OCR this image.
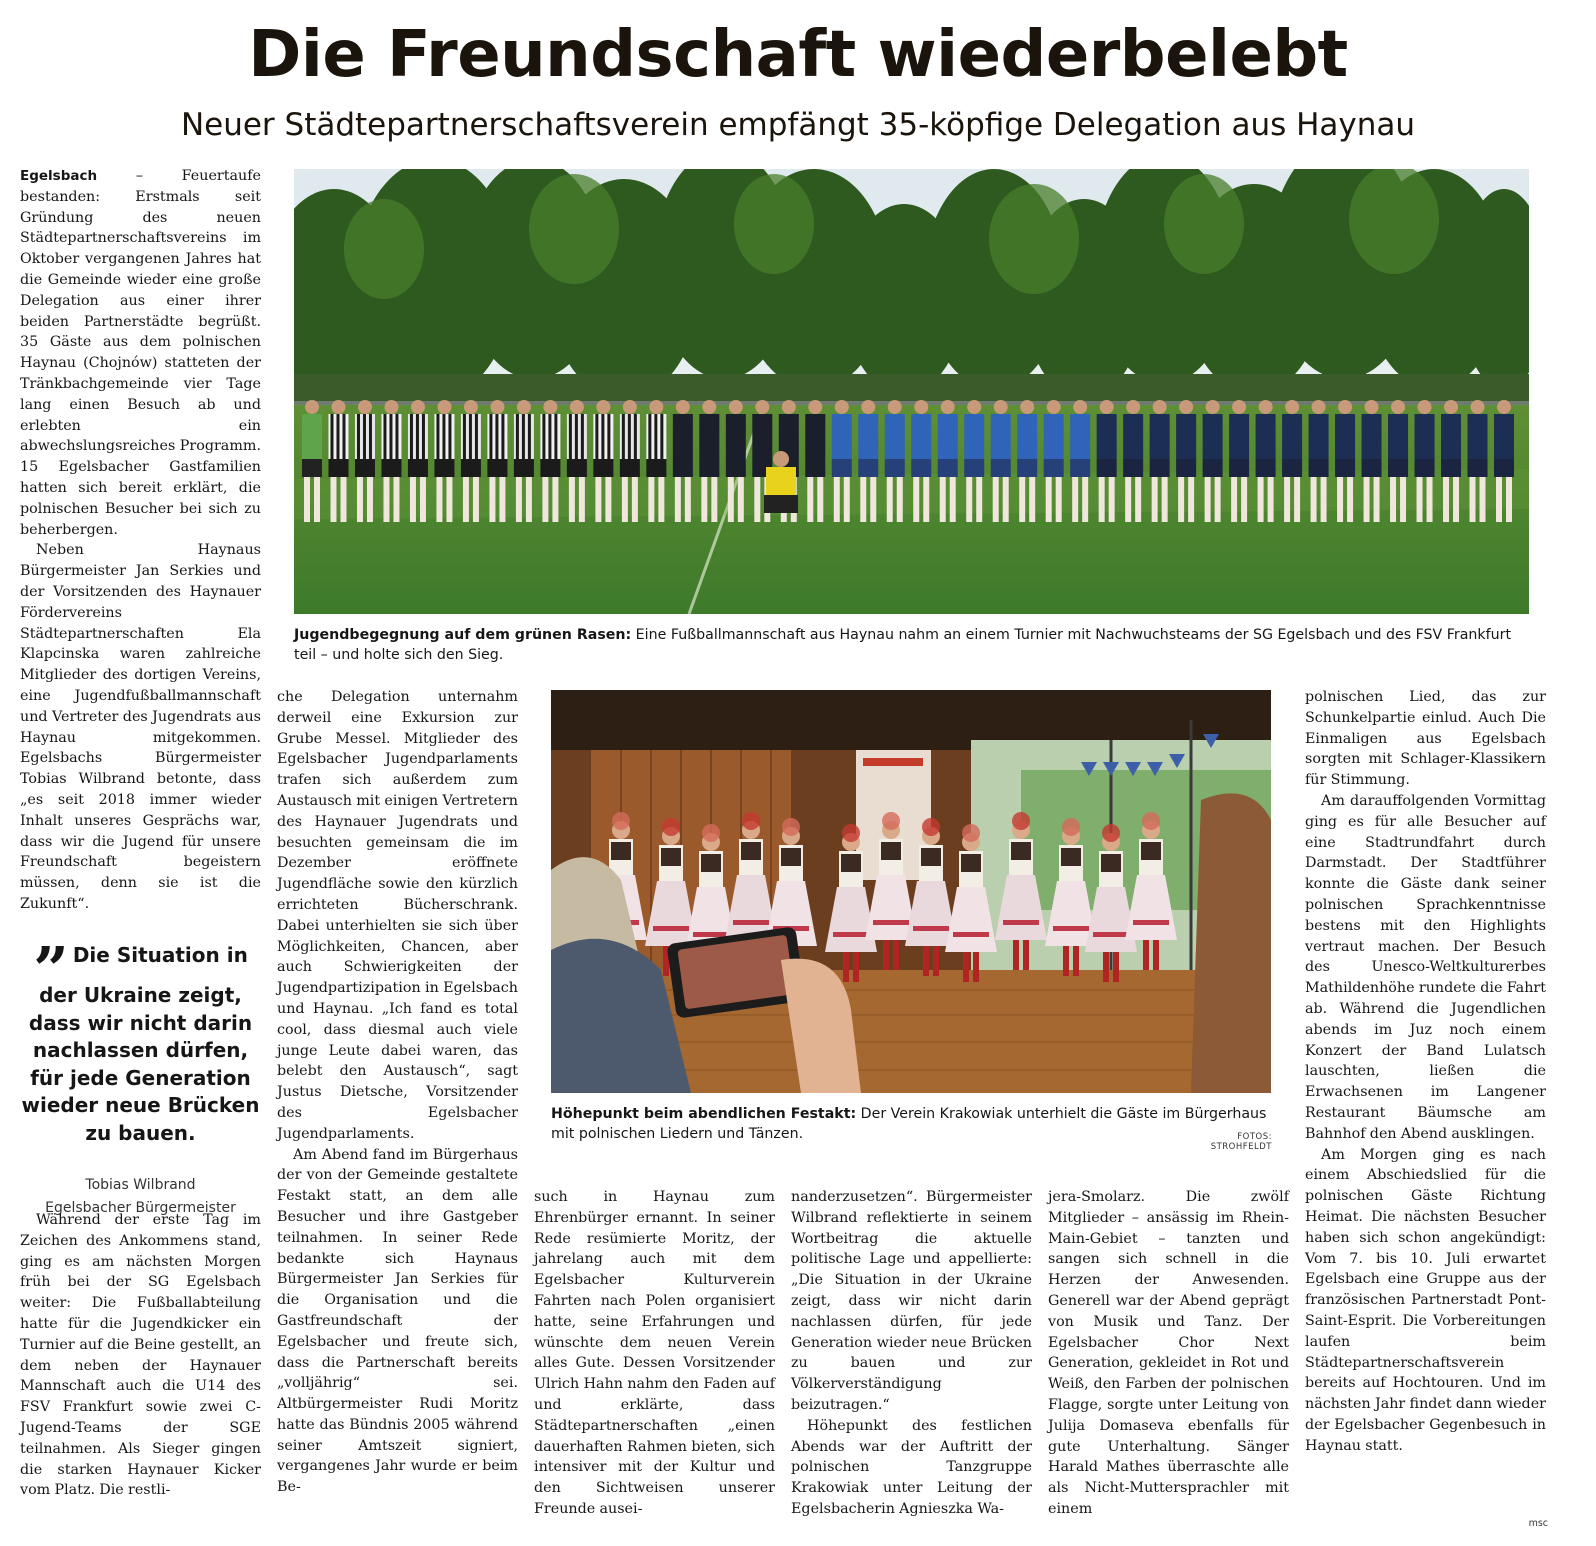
Die Freundschaft wiederbelebt
Neuer Städtepartnerschaftsverein empfängt 35-köpfige Delegation aus Haynau

Egelsbach	– Feuertaufe bestanden: Erstmals seit Gründung des neuen Städtepartnerschaftsvereins im Oktober vergangenen Jahres hat die Gemeinde wieder eine große Delegation aus einer ihrer beiden Partnerstädte begrüßt. 35 Gäste aus dem polnischen Haynau (Chojnów) statteten der Tränkbachgemeinde vier Tage lang einen Besuch ab und erlebten ein abwechslungsreiches Programm. 15 Egelsbacher Gastfamilien hatten sich bereit erklärt, die polnischen Besucher bei sich zu beherbergen.

Neben Haynaus Bürgermeister Jan Serkies und der Vorsitzenden des Haynauer Fördervereins Städtepartnerschaften Ela Klapcinska waren zahlreiche Mitglieder des dortigen Vereins, eine Jugendfußballmannschaft und Vertreter des Jugendrats aus Haynau mitgekommen. Egelsbachs Bürgermeister Tobias Wilbrand betonte, dass „es seit 2018 immer wieder Inhalt unseres Gesprächs war, dass wir die Jugend für unsere Freundschaft begeistern müssen, denn sie ist die Zukunft“.

” Die Situation in der Ukraine zeigt, dass wir nicht darin nachlassen dürfen, für jede Generation wieder neue Brücken zu bauen.
Tobias Wilbrand
Egelsbacher Bürgermeister

Während der erste Tag im Zeichen des Ankommens stand, ging es am nächsten Morgen früh bei der SG Egelsbach weiter: Die Fußballabteilung hatte für die Jugendkicker ein Turnier auf die Beine gestellt, an dem neben der Haynauer Mannschaft auch die U14 des FSV Frankfurt sowie zwei C-Jugend-Teams der SGE teilnahmen. Als Sieger gingen die starken Haynauer Kicker vom Platz. Die restli-

Jugendbegegnung auf dem grünen Rasen: Eine Fußballmannschaft aus Haynau nahm an einem Turnier mit Nachwuchsteams der SG Egelsbach und des FSV Frankfurt teil – und holte sich den Sieg.

che Delegation unternahm derweil eine Exkursion zur Grube Messel. Mitglieder des Egelsbacher Jugendparlaments trafen sich außerdem zum Austausch mit einigen Vertretern des Haynauer Jugendrats und besuchten gemeinsam die im Dezember eröffnete Jugendfläche sowie den kürzlich errichteten Bücherschrank. Dabei unterhielten sie sich über Möglichkeiten, Chancen, aber auch Schwierigkeiten der Jugendpartizipation in Egelsbach und Haynau. „Ich fand es total cool, dass diesmal auch viele junge Leute dabei waren, das belebt den Austausch“, sagt Justus Dietsche, Vorsitzender des Egelsbacher Jugendparlaments.

Am Abend fand im Bürgerhaus der von der Gemeinde gestaltete Festakt statt, an dem alle Besucher und ihre Gastgeber teilnahmen. In seiner Rede bedankte sich Haynaus Bürgermeister Jan Serkies für die Organisation und die Gastfreundschaft der Egelsbacher und freute sich, dass die Partnerschaft bereits „volljährig“ sei. Altbürgermeister Rudi Moritz hatte das Bündnis 2005 während seiner Amtszeit signiert, vergangenes Jahr wurde er beim Be-

Höhepunkt beim abendlichen Festakt: Der Verein Krakowiak unterhielt die Gäste im Bürgerhaus mit polnischen Liedern und Tänzen.	FOTOS: STROHFELDT

such in Haynau zum Ehrenbürger ernannt. In seiner Rede resümierte Moritz, der jahrelang auch mit dem Egelsbacher Kulturverein Fahrten nach Polen organisiert hatte, seine Erfahrungen und wünschte dem neuen Verein alles Gute. Dessen Vorsitzender Ulrich Hahn nahm den Faden auf und erklärte, dass Städtepartnerschaften „einen dauerhaften Rahmen bieten, sich intensiver mit der Kultur und den Sichtweisen unserer Freunde ausei-

nanderzusetzen“. Bürgermeister Wilbrand reflektierte in seinem Wortbeitrag die aktuelle politische Lage und appellierte: „Die Situation in der Ukraine zeigt, dass wir nicht darin nachlassen dürfen, für jede Generation wieder neue Brücken zu bauen und zur Völkerverständigung beizutragen.“

Höhepunkt des festlichen Abends war der Auftritt der polnischen Tanzgruppe Krakowiak unter Leitung der Egelsbacherin Agnieszka Wa-

jera-Smolarz. Die zwölf Mitglieder – ansässig im Rhein-Main-Gebiet – tanzten und sangen sich schnell in die Herzen der Anwesenden. Generell war der Abend geprägt von Musik und Tanz. Der Egelsbacher Chor Next Generation, gekleidet in Rot und Weiß, den Farben der polnischen Flagge, sorgte unter Leitung von Julija Domaseva ebenfalls für gute Unterhaltung. Sänger Harald Mathes überraschte alle als Nicht-Muttersprachler mit einem

polnischen Lied, das zur Schunkelpartie einlud. Auch Die Einmaligen aus Egelsbach sorgten mit Schlager-Klassikern für Stimmung.

Am darauffolgenden Vormittag ging es für alle Besucher auf eine Stadtrundfahrt durch Darmstadt. Der Stadtführer konnte die Gäste dank seiner polnischen Sprachkenntnisse bestens mit den Highlights vertraut machen. Der Besuch des Unesco-Weltkulturerbes Mathildenhöhe rundete die Fahrt ab. Während die Jugendlichen abends im Juz noch einem Konzert der Band Lulatsch lauschten, ließen die Erwachsenen im Langener Restaurant Bäumsche am Bahnhof den Abend ausklingen.

Am Morgen ging es nach einem Abschiedslied für die polnischen Gäste Richtung Heimat. Die nächsten Besucher haben sich schon angekündigt: Vom 7. bis 10. Juli erwartet Egelsbach eine Gruppe aus der französischen Partnerstadt Pont-Saint-Esprit. Die Vorbereitungen laufen beim Städtepartnerschaftsverein bereits auf Hochtouren. Und im nächsten Jahr findet dann wieder der Egelsbacher Gegenbesuch in Haynau statt.

msc
